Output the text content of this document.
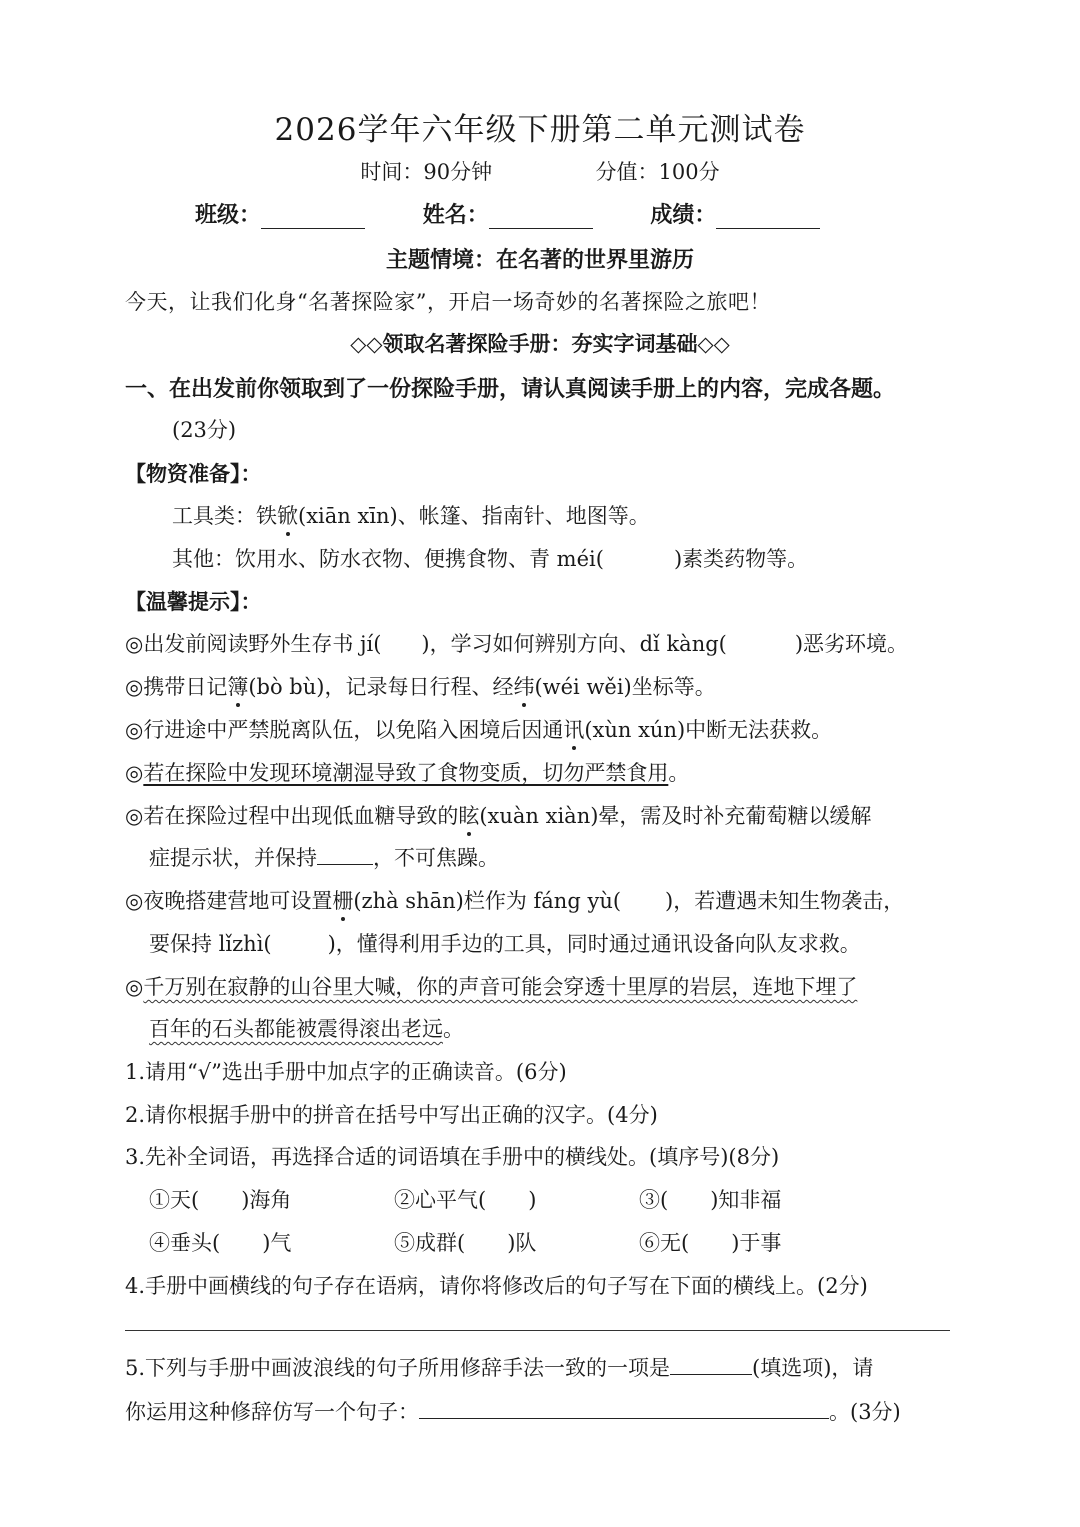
2026学年六年级下册第二单元测试卷
时间：90分钟	分值：100分
班级：	姓名：	成绩：
主题情境：在名著的世界里游历
今天，让我们化身“名著探险家”，开启一场奇妙的名著探险之旅吧！
◇◇领取名著探险手册：夯实字词基础◇◇
一、在出发前你领取到了一份探险手册，请认真阅读手册上的内容，完成各题。
(23分)
【物资准备】：
工具类：铁锨(xiān xīn)、帐篷、指南针、地图等。
其他：饮用水、防水衣物、便携食物、青 méi(	)素类药物等。
【温馨提示】：
◎出发前阅读野外生存书 jí( )，学习如何辨别方向、dǐ kàng(	)恶劣环境。
◎携带日记簿(bò bù)，记录每日行程、经纬(wéi wěi)坐标等。
◎行进途中严禁脱离队伍，以免陷入困境后因通讯(xùn xún)中断无法获救。
◎若在探险中发现环境潮湿导致了食物变质，切勿严禁食用。
◎若在探险过程中出现低血糖导致的眩(xuàn xiàn)晕，需及时补充葡萄糖以缓解
症提示状，并保持	，不可焦躁。
◎夜晚搭建营地可设置栅(zhà shān)栏作为 fáng yù( )，若遭遇未知生物袭击，
要保持 lǐzhì(	)，懂得利用手边的工具，同时通过通讯设备向队友求救。
◎千万别在寂静的山谷里大喊，你的声音可能会穿透十里厚的岩层，连地下埋了
百年的石头都能被震得滚出老远。
1.请用“√”选出手册中加点字的正确读音。(6分)
2.请你根据手册中的拼音在括号中写出正确的汉字。(4分)
3.先补全词语，再选择合适的词语填在手册中的横线处。(填序号)(8分)
①天(　　)海角	②心平气(　　)	③(　　)知非福
④垂头(　　)气	⑤成群(　　)队	⑥无(　　)于事
4.手册中画横线的句子存在语病，请你将修改后的句子写在下面的横线上。(2分)
5.下列与手册中画波浪线的句子所用修辞手法一致的一项是	(填选项)，请
你运用这种修辞仿写一个句子：	。(3分)
